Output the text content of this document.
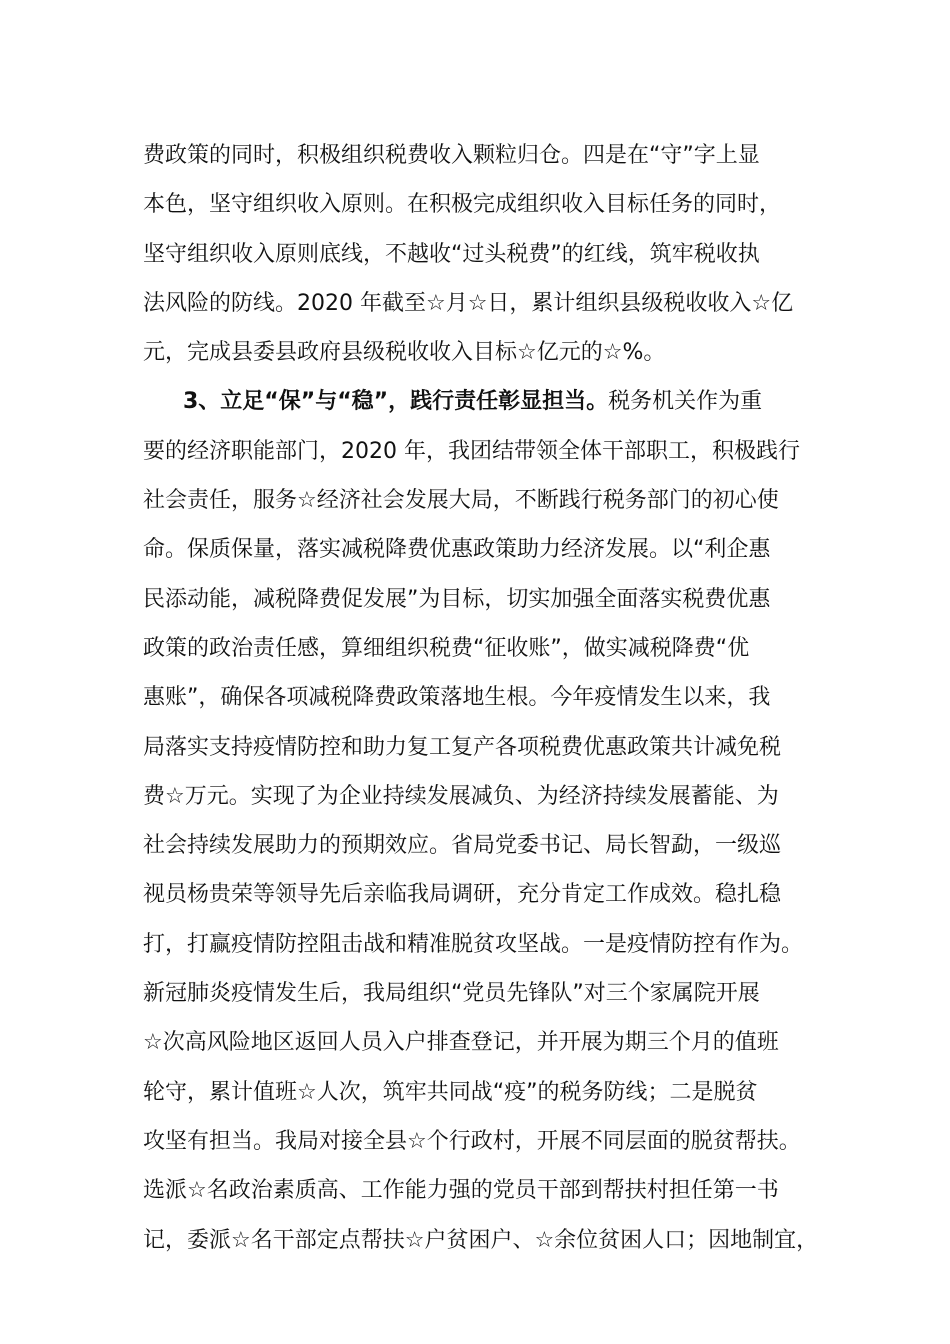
费政策的同时，积极组织税费收入颗粒归仓。四是在“守”字上显
本色，坚守组织收入原则。在积极完成组织收入目标任务的同时，
坚守组织收入原则底线，不越收“过头税费”的红线，筑牢税收执
法风险的防线。2020 年截至☆月☆日，累计组织县级税收收入☆亿
元，完成县委县政府县级税收收入目标☆亿元的☆%。
3、立足“保”与“稳”，践行责任彰显担当。税务机关作为重
要的经济职能部门，2020 年，我团结带领全体干部职工，积极践行
社会责任，服务☆经济社会发展大局，不断践行税务部门的初心使
命。保质保量，落实减税降费优惠政策助力经济发展。以“利企惠
民添动能，减税降费促发展”为目标，切实加强全面落实税费优惠
政策的政治责任感，算细组织税费“征收账”，做实减税降费“优
惠账”，确保各项减税降费政策落地生根。今年疫情发生以来，我
局落实支持疫情防控和助力复工复产各项税费优惠政策共计减免税
费☆万元。实现了为企业持续发展减负、为经济持续发展蓄能、为
社会持续发展助力的预期效应。省局党委书记、局长智勐，一级巡
视员杨贵荣等领导先后亲临我局调研，充分肯定工作成效。稳扎稳
打，打赢疫情防控阻击战和精准脱贫攻坚战。一是疫情防控有作为。
新冠肺炎疫情发生后，我局组织“党员先锋队”对三个家属院开展
☆次高风险地区返回人员入户排查登记，并开展为期三个月的值班
轮守，累计值班☆人次，筑牢共同战“疫”的税务防线；二是脱贫
攻坚有担当。我局对接全县☆个行政村，开展不同层面的脱贫帮扶。
选派☆名政治素质高、工作能力强的党员干部到帮扶村担任第一书
记，委派☆名干部定点帮扶☆户贫困户、☆余位贫困人口；因地制宜，
